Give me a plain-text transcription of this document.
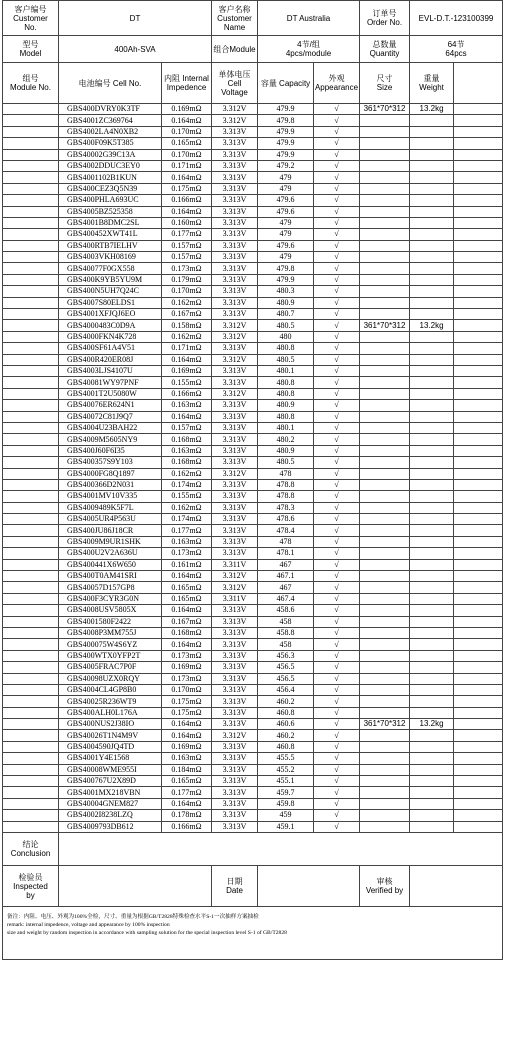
客户编号
Customer
No.	DT		客户名称
Customer
Name	DT Australia		订单号
Order No.	EVL-D.T.-123100399	
型号
Model	400Ah-SVA		组合Module	4节/组
4pcs/module		总数量
Quantity	64节
64pcs	
组号
Module No.	电池编号 Cell No.	内阻 Internal
Impedence	单体电压
Cell
Voltage	容量 Capacity	外观
Appearance	尺寸
Size	重量
Weight	
	GBS400DVRY0K3TF	0.169mΩ	3.312V	479.9	√	361*70*312	13.2kg	
	GBS4001ZC369764	0.164mΩ	3.312V	479.8	√			
	GBS4002LA4N0XB2	0.170mΩ	3.313V	479.9	√			
	GBS400F09K5T385	0.165mΩ	3.313V	479.9	√			
	GBS40002G39C13A	0.170mΩ	3.313V	479.9	√			
	GBS4002DDUC3EY0	0.171mΩ	3.313V	479.2	√			
	GBS4001102B1KUN	0.164mΩ	3.313V	479	√			
	GBS400CEZ3Q5N39	0.175mΩ	3.313V	479	√			
	GBS400PHLA693UC	0.166mΩ	3.313V	479.6	√			
	GBS4005BZ525358	0.164mΩ	3.313V	479.6	√			
	GBS4001B8DMC2SL	0.160mΩ	3.313V	479	√			
	GBS400452XWT41L	0.177mΩ	3.313V	479	√			
	GBS400RTB7IELHV	0.157mΩ	3.313V	479.6	√			
	GBS4003VKH08169	0.157mΩ	3.313V	479	√			
	GBS40077F0GX558	0.173mΩ	3.313V	479.8	√			
	GBS400K9YB5YU9M	0.179mΩ	3.313V	479.9	√			
	GBS400N5UH7Q24C	0.170mΩ	3.313V	480.3	√			
	GBS4007S80ELDS1	0.162mΩ	3.313V	480.9	√			
	GBS4001XFJQJ6EO	0.167mΩ	3.313V	480.7	√			
	GBS4000483C0D9A	0.158mΩ	3.312V	480.5	√	361*70*312	13.2kg	
	GBS4000FKN4K728	0.162mΩ	3.312V	480	√			
	GBS400SF61A4V51	0.171mΩ	3.313V	480.8	√			
	GBS400R420ER08J	0.164mΩ	3.312V	480.5	√			
	GBS4003LJS4107U	0.169mΩ	3.313V	480.1	√			
	GBS40081WY97PNF	0.155mΩ	3.313V	480.8	√			
	GBS4001T2U5080W	0.166mΩ	3.312V	480.8	√			
	GBS40076ER624N1	0.163mΩ	3.313V	480.9	√			
	GBS40072C81J9Q7	0.164mΩ	3.313V	480.8	√			
	GBS4004U23BAH22	0.157mΩ	3.313V	480.1	√			
	GBS4009M5605NY9	0.168mΩ	3.313V	480.2	√			
	GBS400J60F6I35	0.163mΩ	3.313V	480.9	√			
	GBS400357S9Y103	0.168mΩ	3.313V	480.5	√			
	GBS4000FG8Q1897	0.162mΩ	3.312V	478	√			
	GBS400366D2N031	0.174mΩ	3.313V	478.8	√			
	GBS4001MV10V335	0.155mΩ	3.313V	478.8	√			
	GBS4009489K5F7L	0.162mΩ	3.313V	478.3	√			
	GBS4005UR4P563U	0.174mΩ	3.313V	478.6	√			
	GBS400JU86J18CR	0.177mΩ	3.313V	478.4	√			
	GBS4009M9UR1SHK	0.163mΩ	3.313V	478	√			
	GBS400U2V2A636U	0.173mΩ	3.313V	478.1	√			
	GBS400441X6W650	0.161mΩ	3.311V	467	√			
	GBS400T0AM41SRI	0.164mΩ	3.312V	467.1	√			
	GBS40057D157GP8	0.165mΩ	3.312V	467	√			
	GBS400F3CYR3G0N	0.165mΩ	3.311V	467.4	√			
	GBS4008USV5805X	0.164mΩ	3.313V	458.6	√			
	GBS4001580F2422	0.167mΩ	3.313V	458	√			
	GBS4008P3MM755J	0.168mΩ	3.313V	458.8	√			
	GBS400075W4S6YZ	0.164mΩ	3.313V	458	√			
	GBS400WTX0YFP2T	0.173mΩ	3.313V	456.3	√			
	GBS4005FRAC7P0F	0.169mΩ	3.313V	456.5	√			
	GBS40098UZX0RQY	0.173mΩ	3.313V	456.5	√			
	GBS4004CL4GP8B0	0.170mΩ	3.313V	456.4	√			
	GBS40025R236WT9	0.175mΩ	3.313V	460.2	√			
	GBS400ALH0L176A	0.175mΩ	3.313V	460.8	√			
	GBS400NUS2J38IO	0.164mΩ	3.313V	460.6	√	361*70*312	13.2kg	
	GBS40026T1N4M9V	0.164mΩ	3.312V	460.2	√			
	GBS4004590JQ4TD	0.169mΩ	3.313V	460.8	√			
	GBS4001Y4E1568	0.163mΩ	3.313V	455.5	√			
	GBS40008WME955I	0.184mΩ	3.313V	455.2	√			
	GBS400767U2X89D	0.165mΩ	3.313V	455.1	√			
	GBS4001MX218VBN	0.177mΩ	3.313V	459.7	√			
	GBS40004GNEM827	0.164mΩ	3.313V	459.8	√			
	GBS4002I8238LZQ	0.178mΩ	3.313V	459	√			
	GBS4009793DB612	0.166mΩ	3.313V	459.1	√			
结论
Conclusion								
检验员
Inspected
by			日期
Date			审核
Verified by		

备注：内阻、电压、外观为100%全检，尺寸、重量为根据GB/T2828特殊检查水平S-1一次抽样方案抽检
remark: internal impedence, voltage and appearance by 100% inspection
size and weight by random inspection in accordance with sampling solution for the special inspection level S-1 of GB/T2828								
